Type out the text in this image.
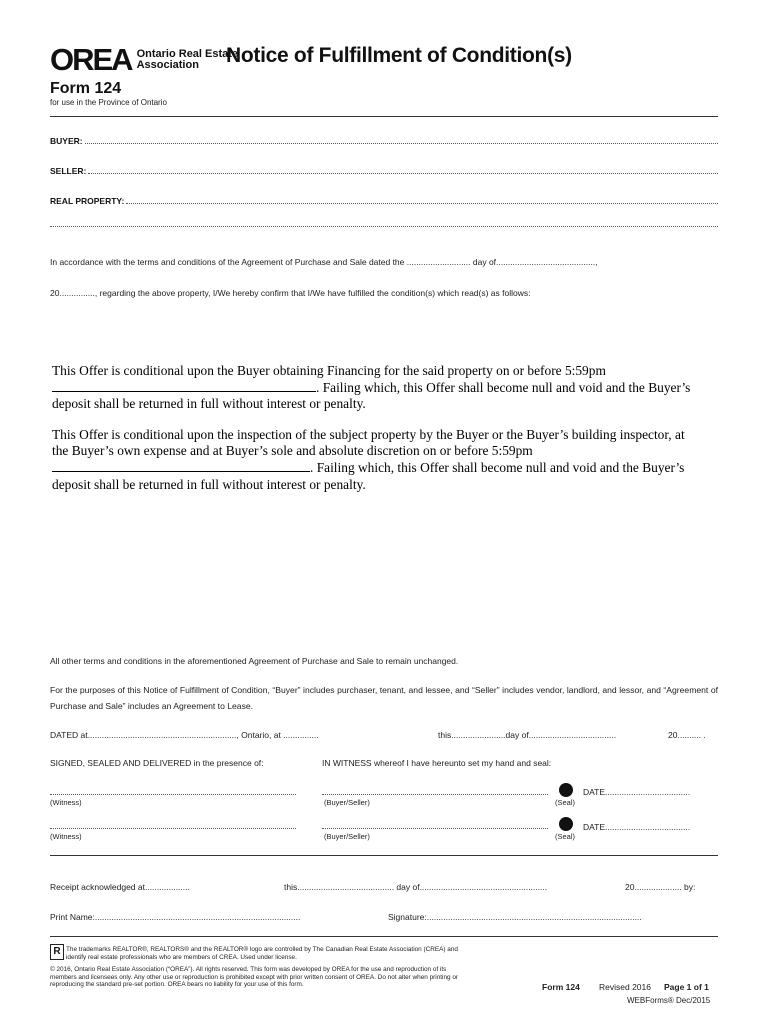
OREA Ontario Real Estate
Association	Notice of Fulfillment of Condition(s)
Form 124
for use in the Province of Ontario
BUYER:
SELLER:
REAL PROPERTY:
In accordance with the terms and conditions of the Agreement of Purchase and Sale dated the ........................... day of..........................................,
20..............., regarding the above property, I/We hereby confirm that I/We have fulfilled the condition(s) which read(s) as follows:
This Offer is conditional upon the Buyer obtaining Financing for the said property on or before 5:59pm
. Failing which, this Offer shall become null and void and the Buyer’s
deposit shall be returned in full without interest or penalty.
This Offer is conditional upon the inspection of the subject property by the Buyer or the Buyer’s building inspector, at
the Buyer’s own expense and at Buyer’s sole and absolute discretion on or before 5:59pm
. Failing which, this Offer shall become null and void and the Buyer’s
deposit shall be returned in full without interest or penalty.
All other terms and conditions in the aforementioned Agreement of Purchase and Sale to remain unchanged.
For the purposes of this Notice of Fulfillment of Condition, “Buyer” includes purchaser, tenant, and lessee, and “Seller” includes vendor, landlord, and lessor, and “Agreement of Purchase and Sale” includes an Agreement to Lease.
DATED at..............................................................., Ontario, at ...............	this.......................day of.....................................	20.......... .
SIGNED, SEALED AND DELIVERED in the presence of:	IN WITNESS whereof I have hereunto set my hand and seal:
(Witness)	(Buyer/Seller)	(Seal)
DATE....................................
(Witness)	(Buyer/Seller)	(Seal)
DATE....................................
Receipt acknowledged at...................	this......................................... day of......................................................	20.................... by:
Print Name:.......................................................................................	Signature:...........................................................................................
R The trademarks REALTOR®, REALTORS® and the REALTOR® logo are controlled by The Canadian Real Estate Association (CREA) and identify real estate professionals who are members of CREA. Used under license.
© 2016, Ontario Real Estate Association (“OREA”). All rights reserved. This form was developed by OREA for the use and reproduction of its members and licensees only. Any other use or reproduction is prohibited except with prior written consent of OREA. Do not alter when printing or reproducing the standard pre-set portion. OREA bears no liability for your use of this form.	Form 124 Revised 2016 Page 1 of 1
WEBForms® Dec/2015
